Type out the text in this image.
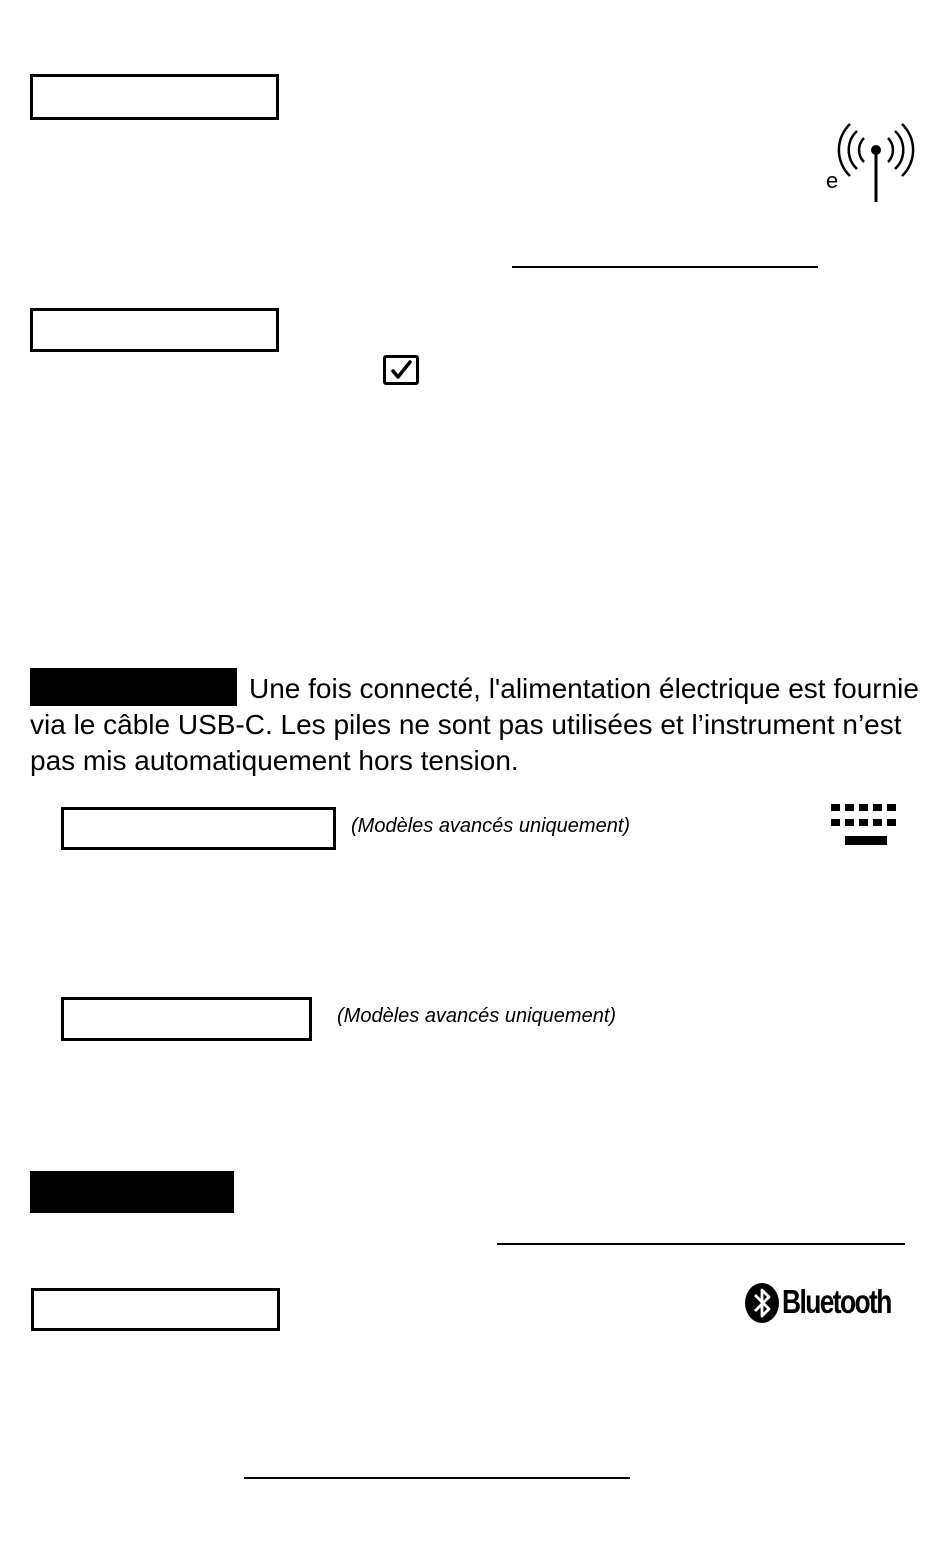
e
Une fois connecté, l'alimentation électrique est fournie via le câble USB-C. Les piles ne sont pas utilisées et l’instrument n’est pas mis automatiquement hors tension.
(Modèles avancés uniquement)
(Modèles avancés uniquement)
Bluetooth
